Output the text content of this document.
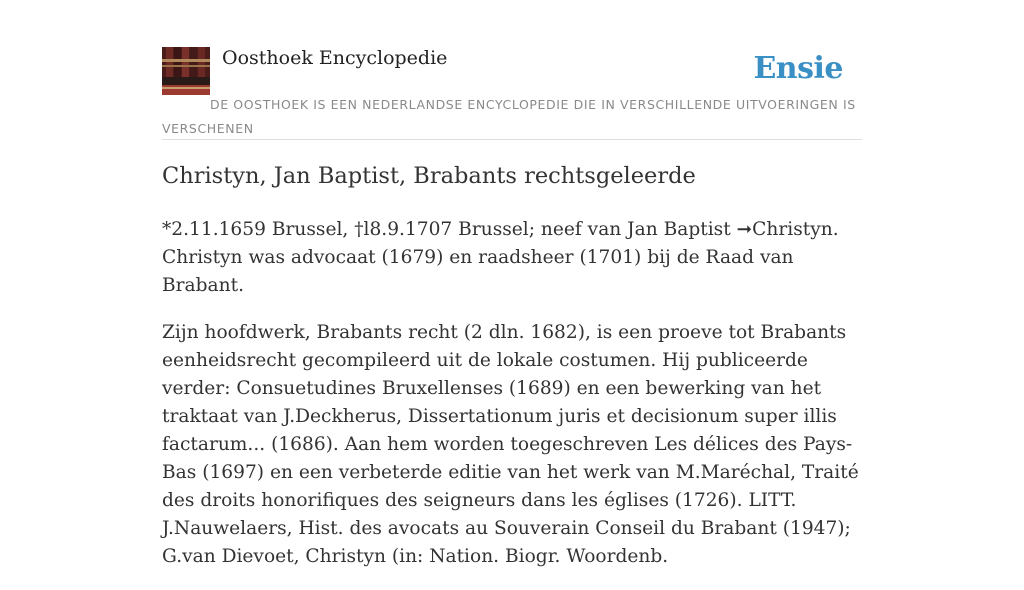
Oosthoek Encyclopedie	Ensie
DE OOSTHOEK IS EEN NEDERLANDSE ENCYCLOPEDIE DIE IN VERSCHILLENDE UITVOERINGEN IS VERSCHENEN
Christyn, Jan Baptist, Brabants rechtsgeleerde

*2.11.1659 Brussel, †l8.9.1707 Brussel; neef van Jan Baptist ➞Christyn. Christyn was advocaat (1679) en raadsheer (1701) bij de Raad van Brabant.

Zijn hoofdwerk, Brabants recht (2 dln. 1682), is een proeve tot Brabants eenheidsrecht gecompileerd uit de lokale costumen. Hij publiceerde verder: Consuetudines Bruxellenses (1689) en een bewerking van het traktaat van J.Deckherus, Dissertationum juris et decisionum super illis factarum... (1686). Aan hem worden toegeschreven Les délices des Pays-Bas (1697) en een verbeterde editie van het werk van M.Maréchal, Traité des droits honorifiques des seigneurs dans les églises (1726). LITT. J.Nauwelaers, Hist. des avocats au Souverain Conseil du Brabant (1947); G.van Dievoet, Christyn (in: Nation. Biogr. Woordenb.
